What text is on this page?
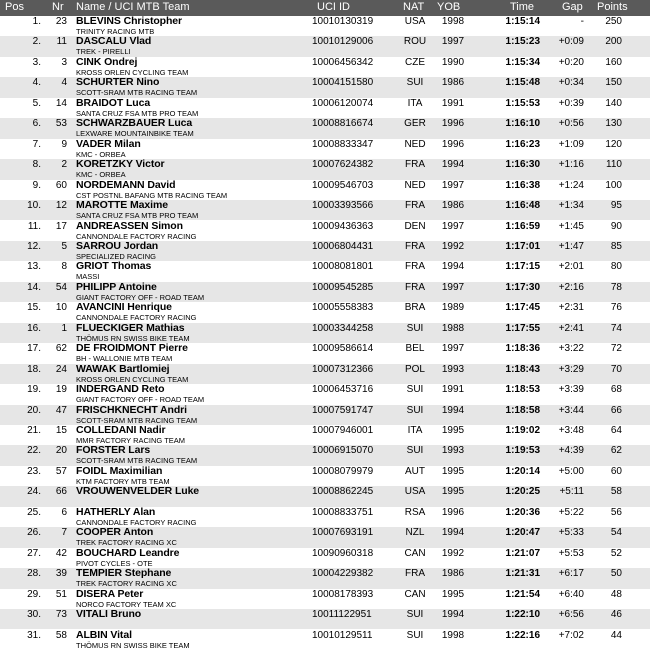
Pos	Nr Name / UCI MTB Team	UCI ID	NAT YOB	Time	Gap Points
1.	23 BLEVINS Christopher
TRINITY RACING MTB
10010130319	USA	1998	1:15:14	-	250
2.	11 DASCALU Vlad
TREK - PIRELLI
10010129006	ROU	1997	1:15:23	+0:09	200
3.	3 CINK Ondrej
KROSS ORLEN CYCLING TEAM
10006456342	CZE	1990	1:15:34	+0:20	160
4.	4 SCHURTER Nino
SCOTT-SRAM MTB RACING TEAM
10004151580	SUI	1986	1:15:48	+0:34	150
5.	14 BRAIDOT Luca
SANTA CRUZ FSA MTB PRO TEAM
10006120074	ITA	1991	1:15:53	+0:39	140
6.	53 SCHWARZBAUER Luca
LEXWARE MOUNTAINBIKE TEAM
10008816674	GER	1996	1:16:10	+0:56	130
7.	9 VADER Milan
KMC - ORBEA
10008833347	NED	1996	1:16:23	+1:09	120
8.	2 KORETZKY Victor
KMC - ORBEA
10007624382	FRA	1994	1:16:30	+1:16	110
9.	60 NORDEMANN David
CST POSTNL BAFANG MTB RACING TEAM
10009546703	NED	1997	1:16:38	+1:24	100
10.	12 MAROTTE Maxime
SANTA CRUZ FSA MTB PRO TEAM
10003393566	FRA	1986	1:16:48	+1:34	95
11.	17 ANDREASSEN Simon
CANNONDALE FACTORY RACING
10009436363	DEN	1997	1:16:59	+1:45	90
12.	5 SARROU Jordan
SPECIALIZED RACING
10006804431	FRA	1992	1:17:01	+1:47	85
13.	8 GRIOT Thomas
MASSI
10008081801	FRA	1994	1:17:15	+2:01	80
14.	54 PHILIPP Antoine
GIANT FACTORY OFF - ROAD TEAM
10009545285	FRA	1997	1:17:30	+2:16	78
15.	10 AVANCINI Henrique
CANNONDALE FACTORY RACING
10005558383	BRA	1989	1:17:45	+2:31	76
16.	1 FLUECKIGER Mathias
THÖMUS RN SWISS BIKE TEAM
10003344258	SUI	1988	1:17:55	+2:41	74
17.	62 DE FROIDMONT Pierre
BH - WALLONIE MTB TEAM
10009586614	BEL	1997	1:18:36	+3:22	72
18.	24 WAWAK Bartlomiej
KROSS ORLEN CYCLING TEAM
10007312366	POL	1993	1:18:43	+3:29	70
19.	19 INDERGAND Reto
GIANT FACTORY OFF - ROAD TEAM
10006453716	SUI	1991	1:18:53	+3:39	68
20.	47 FRISCHKNECHT Andri
SCOTT-SRAM MTB RACING TEAM
10007591747	SUI	1994	1:18:58	+3:44	66
21.	15 COLLEDANI Nadir
MMR FACTORY RACING TEAM
10007946001	ITA	1995	1:19:02	+3:48	64
22.	20 FORSTER Lars
SCOTT-SRAM MTB RACING TEAM
10006915070	SUI	1993	1:19:53	+4:39	62
23.	57 FOIDL Maximilian
KTM FACTORY MTB TEAM
10008079979	AUT	1995	1:20:14	+5:00	60
24.	66 VROUWENVELDER Luke	10008862245	USA	1995	1:20:25	+5:11	58
25.	6 HATHERLY Alan
CANNONDALE FACTORY RACING
10008833751	RSA	1996	1:20:36	+5:22	56
26.	7 COOPER Anton
TREK FACTORY RACING XC
10007693191	NZL	1994	1:20:47	+5:33	54
27.	42 BOUCHARD Leandre
PIVOT CYCLES - OTE
10090960318	CAN	1992	1:21:07	+5:53	52
28.	39 TEMPIER Stephane
TREK FACTORY RACING XC
10004229382	FRA	1986	1:21:31	+6:17	50
29.	51 DISERA Peter
NORCO FACTORY TEAM XC
10008178393	CAN	1995	1:21:54	+6:40	48
30.	73 VITALI Bruno	10011122951	SUI	1994	1:22:10	+6:56	46
31.	58 ALBIN Vital
THÖMUS RN SWISS BIKE TEAM
10010129511	SUI	1998	1:22:16	+7:02	44
